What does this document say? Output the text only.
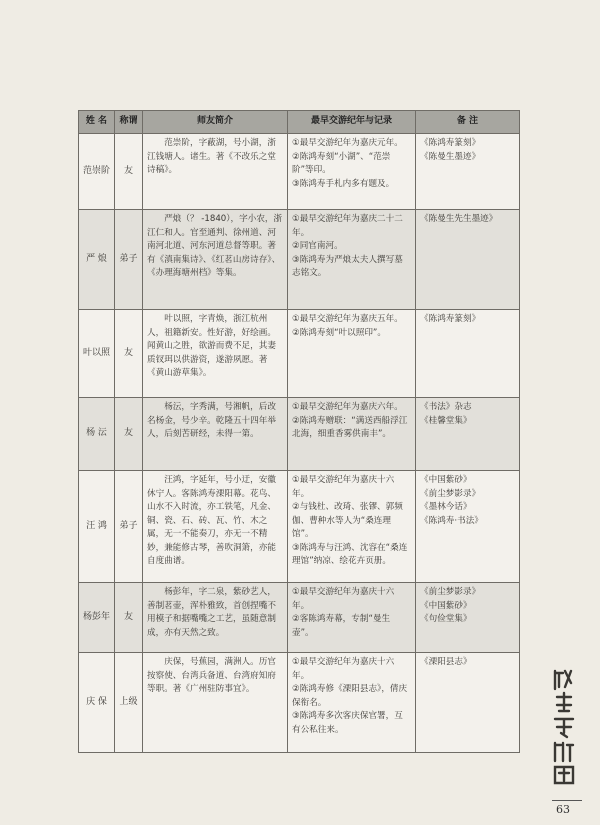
姓 名	称谓	师友简介	最早交游纪年与记录	备 注
范崇阶	友	范崇阶，字蔽湖，号小湖，浙江钱塘人。诸生。著《不改乐之堂诗稿》。	①最早交游纪年为嘉庆元年。
②陈鸿寿刻“小湖”、“范崇阶”等印。
③陈鸿寿手札内多有题及。	《陈鸿寿篆刻》
《陈曼生墨迹》

严 烺	弟子	严烺（？ -1840），字小农，浙江仁和人。官至通判、徐州道、河南河北道、河东河道总督等职。著有《滇南集诗》、《红茗山房诗存》、《办理海塘州档》等集。	①最早交游纪年为嘉庆二十二年。
②同官南河。
③陈鸿寿为严烺太夫人撰写墓志铭文。	《陈曼生先生墨迹》

叶以照	友	叶以照，字青焕，浙江杭州人，祖籍新安。性好游，好绘画。闻黄山之胜，欲游而费不足，其妻质钗珥以供游资，遂游夙愿。著《黄山游草集》。	①最早交游纪年为嘉庆五年。
②陈鸿寿刻“叶以照印”。	《陈鸿寿篆刻》

杨 沄	友	杨沄，字秀满，号湘帆，后改名杨金，号少辛。乾隆五十四年举人，后刻苦研经，未得一第。	①最早交游纪年为嘉庆六年。
②陈鸿寿赠联：“满送西船浮江北海，细重香雾供南丰”。	《书法》杂志
《桂馨堂集》

汪 鸿	弟子	汪鸿，字延年，号小迂，安徽休宁人。客陈鸿寿溧阳幕。花鸟、山水不入时流，亦工铁笔，凡金、铜、瓷、石、砖、瓦、竹、木之属，无一不能奏刀，亦无一不精妙，兼能修古琴，善吹洞箫，亦能自度曲谱。	①最早交游纪年为嘉庆十六年。
②与钱杜、改琦、张镠、郭频伽、曹种水等人为“桑连理馆”。
③陈鸿寿与汪鸿、沈容在“桑连理馆”纳凉、绘花卉页册。	《中国紫砂》
《前尘梦影录》
《墨林今话》
《陈鸿寿·书法》

杨彭年	友	杨彭年，字二泉，紫砂艺人，善制茗壶，浑朴雅致，首创捏嘴不用模子和据嘴嘴之工艺，虽随意制成，亦有天然之致。	①最早交游纪年为嘉庆十六年。
②客陈鸿寿幕，专制“曼生壶”。	《前尘梦影录》
《中国紫砂》
《句俭堂集》

庆 保	上级	庆保，号蕉园，满洲人。历官按察使、台湾兵备道、台湾府知府等职。著《广州驻防事宜》。	①最早交游纪年为嘉庆十六年。
②陈鸿寿修《溧阳县志》，倩庆保衔名。
③陈鸿寿多次客庆保官署，互有公私往来。	《溧阳县志》
63
